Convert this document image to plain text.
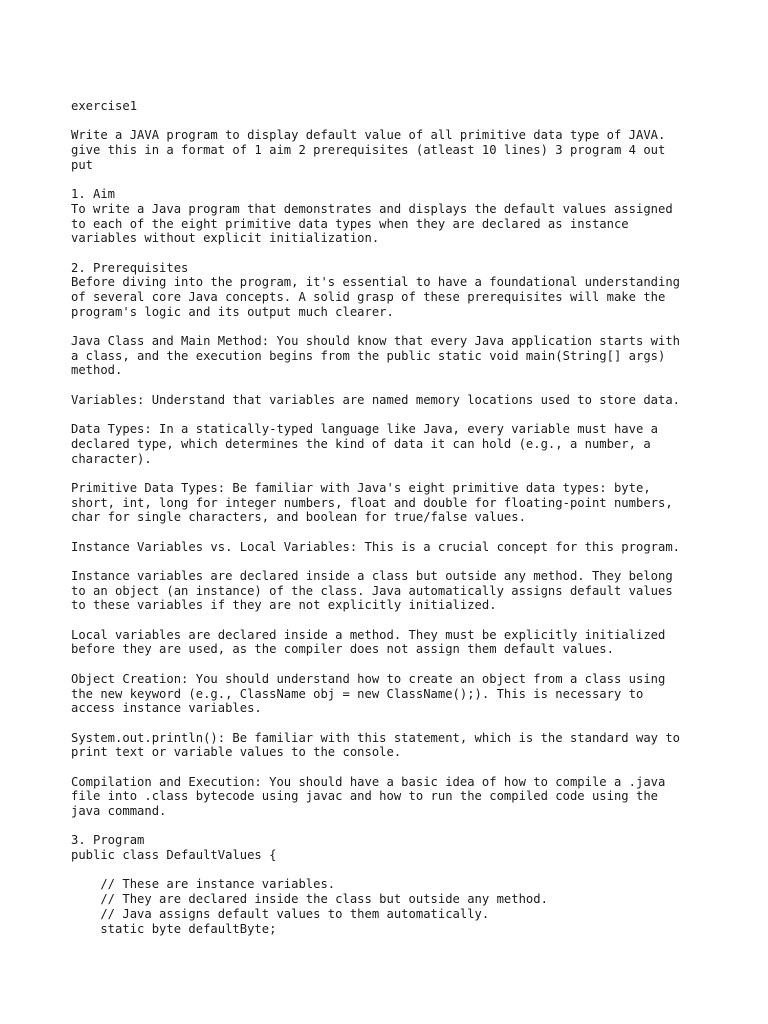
exercise1
Write a JAVA program to display default value of all primitive data type of JAVA.
give this in a format of 1 aim 2 prerequisites (atleast 10 lines) 3 program 4 out
put
1. Aim
To write a Java program that demonstrates and displays the default values assigned
to each of the eight primitive data types when they are declared as instance
variables without explicit initialization.
2. Prerequisites
Before diving into the program, it's essential to have a foundational understanding
of several core Java concepts. A solid grasp of these prerequisites will make the
program's logic and its output much clearer.
Java Class and Main Method: You should know that every Java application starts with
a class, and the execution begins from the public static void main(String[] args)
method.
Variables: Understand that variables are named memory locations used to store data.
Data Types: In a statically-typed language like Java, every variable must have a
declared type, which determines the kind of data it can hold (e.g., a number, a
character).
Primitive Data Types: Be familiar with Java's eight primitive data types: byte,
short, int, long for integer numbers, float and double for floating-point numbers,
char for single characters, and boolean for true/false values.
Instance Variables vs. Local Variables: This is a crucial concept for this program.
Instance variables are declared inside a class but outside any method. They belong
to an object (an instance) of the class. Java automatically assigns default values
to these variables if they are not explicitly initialized.
Local variables are declared inside a method. They must be explicitly initialized
before they are used, as the compiler does not assign them default values.
Object Creation: You should understand how to create an object from a class using
the new keyword (e.g., ClassName obj = new ClassName();). This is necessary to
access instance variables.
System.out.println(): Be familiar with this statement, which is the standard way to
print text or variable values to the console.
Compilation and Execution: You should have a basic idea of how to compile a .java
file into .class bytecode using javac and how to run the compiled code using the
java command.
3. Program
public class DefaultValues {
// These are instance variables.
// They are declared inside the class but outside any method.
// Java assigns default values to them automatically.
static byte defaultByte;
